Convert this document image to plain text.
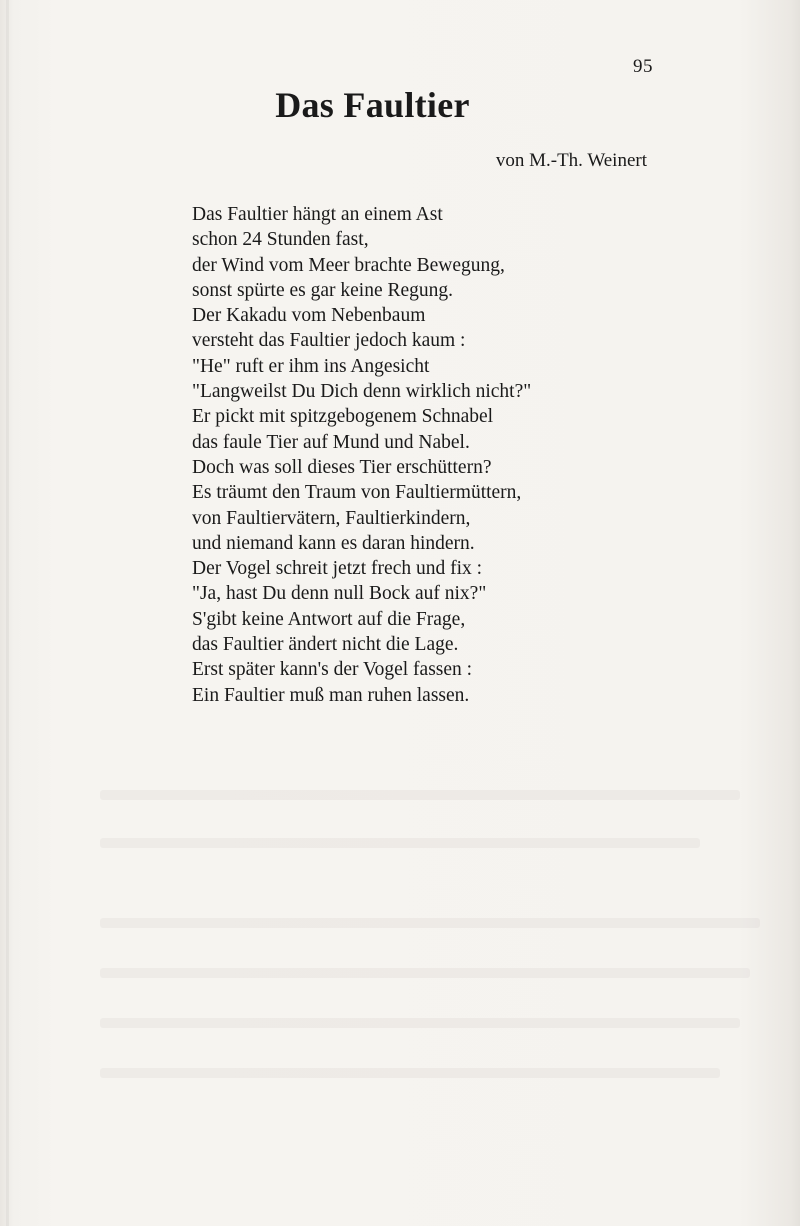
95
Das Faultier
von M.-Th. Weinert
Das Faultier hängt an einem Ast
schon 24 Stunden fast,
der Wind vom Meer brachte Bewegung,
sonst spürte es gar keine Regung.
Der Kakadu vom Nebenbaum
versteht das Faultier jedoch kaum :
"He" ruft er ihm ins Angesicht
"Langweilst Du Dich denn wirklich nicht?"
Er pickt mit spitzgebogenem Schnabel
das faule Tier auf Mund und Nabel.
Doch was soll dieses Tier erschüttern?
Es träumt den Traum von Faultiermüttern,
von Faultiervätern, Faultierkindern,
und niemand kann es daran hindern.
Der Vogel schreit jetzt frech und fix :
"Ja, hast Du denn null Bock auf nix?"
S'gibt keine Antwort auf die Frage,
das Faultier ändert nicht die Lage.
Erst später kann's der Vogel fassen :
Ein Faultier muß man ruhen lassen.
